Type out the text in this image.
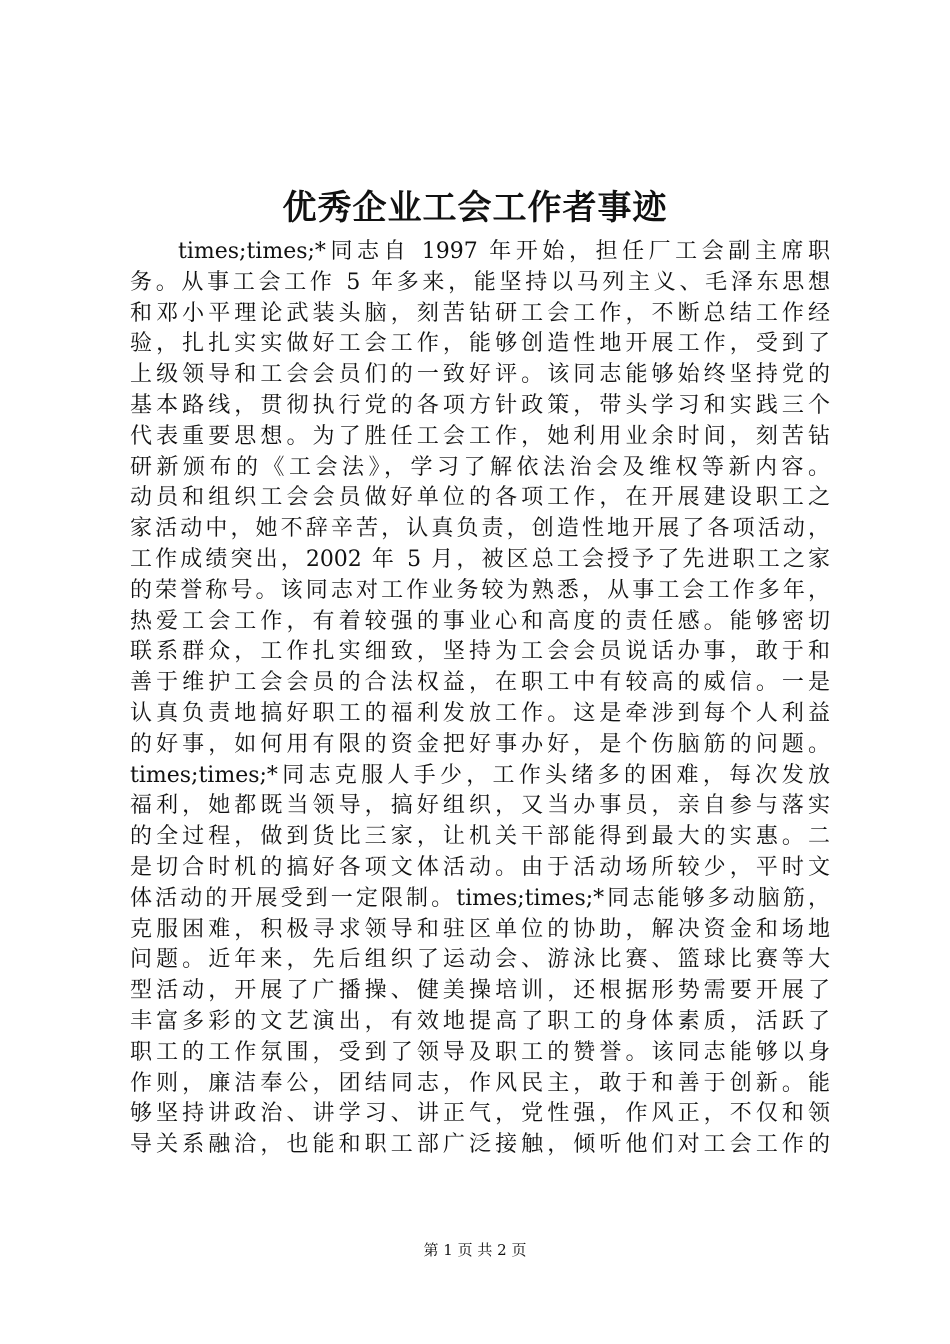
优秀企业工会工作者事迹
times;times;*同志自 1997 年开始，担任厂工会副主席职
务。从事工会工作 5 年多来，能坚持以马列主义、毛泽东思想
和邓小平理论武装头脑，刻苦钻研工会工作，不断总结工作经
验，扎扎实实做好工会工作，能够创造性地开展工作，受到了
上级领导和工会会员们的一致好评。该同志能够始终坚持党的
基本路线，贯彻执行党的各项方针政策，带头学习和实践三个
代表重要思想。为了胜任工会工作，她利用业余时间，刻苦钻
研新颁布的《工会法》，学习了解依法治会及维权等新内容。
动员和组织工会会员做好单位的各项工作，在开展建设职工之
家活动中，她不辞辛苦，认真负责，创造性地开展了各项活动，
工作成绩突出，2002 年 5 月，被区总工会授予了先进职工之家
的荣誉称号。该同志对工作业务较为熟悉，从事工会工作多年，
热爱工会工作，有着较强的事业心和高度的责任感。能够密切
联系群众，工作扎实细致，坚持为工会会员说话办事，敢于和
善于维护工会会员的合法权益，在职工中有较高的威信。一是
认真负责地搞好职工的福利发放工作。这是牵涉到每个人利益
的好事，如何用有限的资金把好事办好，是个伤脑筋的问题。
times;times;*同志克服人手少，工作头绪多的困难，每次发放
福利，她都既当领导，搞好组织，又当办事员，亲自参与落实
的全过程，做到货比三家，让机关干部能得到最大的实惠。二
是切合时机的搞好各项文体活动。由于活动场所较少，平时文
体活动的开展受到一定限制。times;times;*同志能够多动脑筋，
克服困难，积极寻求领导和驻区单位的协助，解决资金和场地
问题。近年来，先后组织了运动会、游泳比赛、篮球比赛等大
型活动，开展了广播操、健美操培训，还根据形势需要开展了
丰富多彩的文艺演出，有效地提高了职工的身体素质，活跃了
职工的工作氛围，受到了领导及职工的赞誉。该同志能够以身
作则，廉洁奉公，团结同志，作风民主，敢于和善于创新。能
够坚持讲政治、讲学习、讲正气，党性强，作风正，不仅和领
导关系融洽，也能和职工部广泛接触，倾听他们对工会工作的
第 1 页 共 2 页
